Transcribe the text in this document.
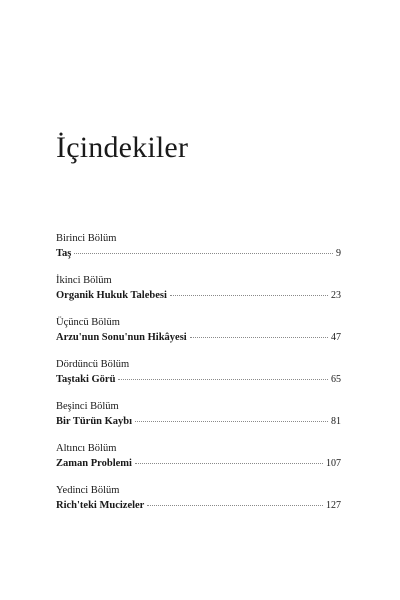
İçindekiler
Birinci Bölüm
Taş	9
İkinci Bölüm
Organik Hukuk Talebesi	23
Üçüncü Bölüm
Arzu'nun Sonu'nun Hikâyesi	47
Dördüncü Bölüm
Taştaki Görü	65
Beşinci Bölüm
Bir Türün Kaybı	81
Altıncı Bölüm
Zaman Problemi	107
Yedinci Bölüm
Rich'teki Mucizeler	127
